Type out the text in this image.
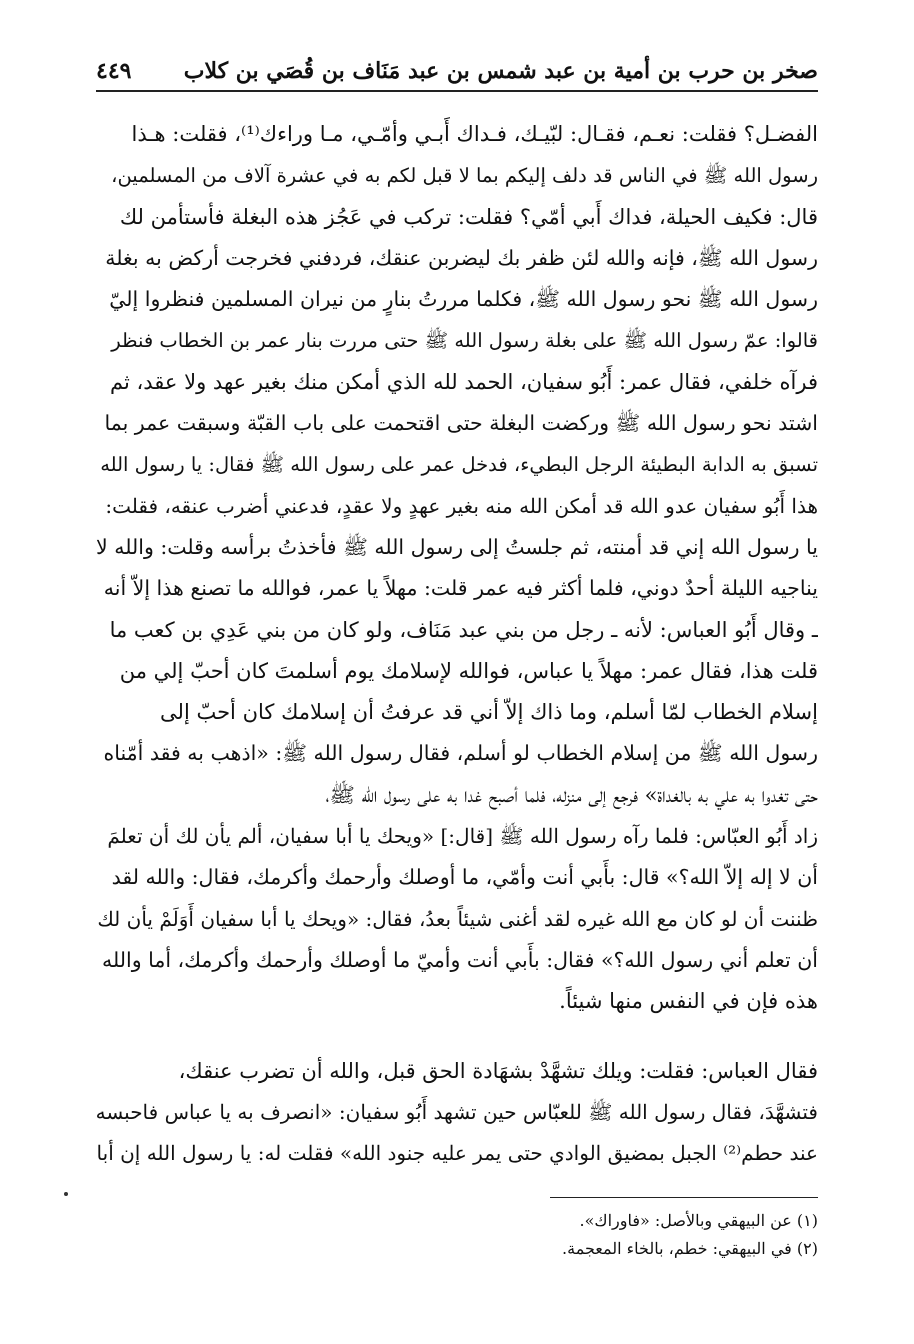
صخر بن حرب بن أمية بن عبد شمس بن عبد مَنَاف بن قُصَي بن كلاب
٤٤٩
الفضـل؟ فقلت: نعـم، فقـال: لبّيـك، فـداك أَبـي وأمّـي، مـا وراءك⁽¹⁾، فقلت: هـذا
رسول الله ﷺ في الناس قد دلف إليكم بما لا قبل لكم به في عشرة آلاف من المسلمين،
قال: فكيف الحيلة، فداك أَبي أمّي؟ فقلت: تركب في عَجُز هذه البغلة فأستأمن لك
رسول الله ﷺ، فإنه والله لئن ظفر بك ليضربن عنقك، فردفني فخرجت أركض به بغلة
رسول الله ﷺ نحو رسول الله ﷺ، فكلما مررتُ بنارٍ من نيران المسلمين فنظروا إليّ
قالوا: عمّ رسول الله ﷺ على بغلة رسول الله ﷺ حتى مررت بنار عمر بن الخطاب فنظر
فرآه خلفي، فقال عمر: أَبُو سفيان، الحمد لله الذي أمكن منك بغير عهد ولا عقد، ثم
اشتد نحو رسول الله ﷺ وركضت البغلة حتى اقتحمت على باب القبّة وسبقت عمر بما
تسبق به الدابة البطيئة الرجل البطيء، فدخل عمر على رسول الله ﷺ فقال: يا رسول الله
هذا أَبُو سفيان عدو الله قد أمكن الله منه بغير عهدٍ ولا عقدٍ، فدعني أضرب عنقه، فقلت:
يا رسول الله إني قد أمنته، ثم جلستُ إلى رسول الله ﷺ فأخذتُ برأسه وقلت: والله لا
يناجيه الليلة أحدٌ دوني، فلما أكثر فيه عمر قلت: مهلاً يا عمر، فوالله ما تصنع هذا إلاّ أنه
ـ وقال أَبُو العباس: لأنه ـ رجل من بني عبد مَنَاف، ولو كان من بني عَدِي بن كعب ما
قلت هذا، فقال عمر: مهلاً يا عباس، فوالله لإسلامك يوم أسلمتَ كان أحبّ إلي من
إسلام الخطاب لمّا أسلم، وما ذاك إلاّ أني قد عرفتُ أن إسلامك كان أحبّ إلى
رسول الله ﷺ من إسلام الخطاب لو أسلم، فقال رسول الله ﷺ: «اذهب به فقد أمّناه
حتى تغدوا به علي به بالغداة» فرجع إلى منزله، فلما أصبح غدا به على رسول الله ﷺ،
زاد أَبُو العبّاس: فلما رآه رسول الله ﷺ [قال:] «ويحك يا أبا سفيان، ألم يأن لك أن تعلمَ
أن لا إله إلاّ الله؟» قال: بأَبي أنت وأمّي، ما أوصلك وأرحمك وأكرمك، فقال: والله لقد
ظننت أن لو كان مع الله غيره لقد أغنى شيئاً بعدُ، فقال: «ويحك يا أبا سفيان أَوَلَمْ يأن لك
أن تعلم أني رسول الله؟» فقال: بأَبي أنت وأميّ ما أوصلك وأرحمك وأكرمك، أما والله
هذه فإن في النفس منها شيئاً.
فقال العباس: فقلت: ويلك تشهَّدْ بشهَادة الحق قبل، والله أن تضرب عنقك،
فتشهَّدَ، فقال رسول الله ﷺ للعبّاس حين تشهد أَبُو سفيان: «انصرف به يا عباس فاحبسه
عند حطم⁽²⁾ الجبل بمضيق الوادي حتى يمر عليه جنود الله» فقلت له: يا رسول الله إن أبا
(١) عن البيهقي وبالأصل: «فاوراك».
(٢) في البيهقي: خطم، بالخاء المعجمة.
